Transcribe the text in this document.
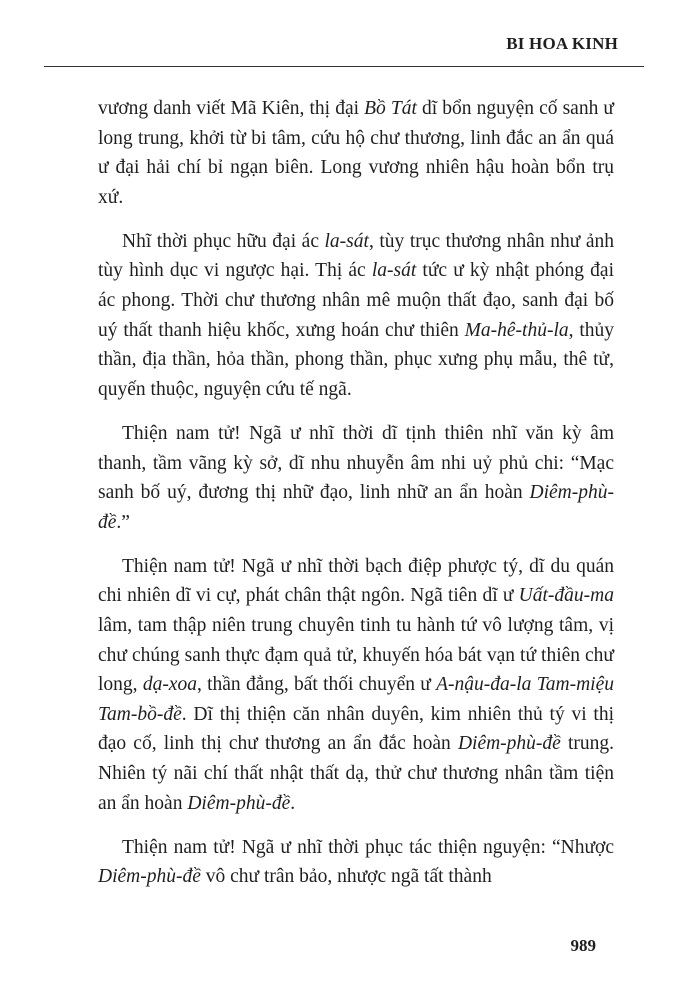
BI HOA KINH

vương danh viết Mã Kiên, thị đại Bồ Tát dĩ bổn nguyện cố sanh ư long trung, khởi từ bi tâm, cứu hộ chư thương, linh đắc an ẩn quá ư đại hải chí bỉ ngạn biên. Long vương nhiên hậu hoàn bổn trụ xứ.

Nhĩ thời phục hữu đại ác la-sát, tùy trục thương nhân như ảnh tùy hình dục vi ngược hại. Thị ác la-sát tức ư kỳ nhật phóng đại ác phong. Thời chư thương nhân mê muộn thất đạo, sanh đại bố uý thất thanh hiệu khốc, xưng hoán chư thiên Ma-hê-thủ-la, thủy thần, địa thần, hỏa thần, phong thần, phục xưng phụ mẫu, thê tử, quyến thuộc, nguyện cứu tế ngã.

Thiện nam tử! Ngã ư nhĩ thời dĩ tịnh thiên nhĩ văn kỳ âm thanh, tầm vãng kỳ sở, dĩ nhu nhuyễn âm nhi uỷ phủ chi: “Mạc sanh bố uý, đương thị nhữ đạo, linh nhữ an ẩn hoàn Diêm-phù-đề.”

Thiện nam tử! Ngã ư nhĩ thời bạch điệp phược tý, dĩ du quán chi nhiên dĩ vi cự, phát chân thật ngôn. Ngã tiên dĩ ư Uất-đầu-ma lâm, tam thập niên trung chuyên tinh tu hành tứ vô lượng tâm, vị chư chúng sanh thực đạm quả tử, khuyến hóa bát vạn tứ thiên chư long, dạ-xoa, thần đẳng, bất thối chuyển ư A-nậu-đa-la Tam-miệu Tam-bồ-đề. Dĩ thị thiện căn nhân duyên, kim nhiên thủ tý vi thị đạo cố, linh thị chư thương an ẩn đắc hoàn Diêm-phù-đề trung. Nhiên tý nãi chí thất nhật thất dạ, thử chư thương nhân tầm tiện an ẩn hoàn Diêm-phù-đề.

Thiện nam tử! Ngã ư nhĩ thời phục tác thiện nguyện: “Nhược Diêm-phù-đề vô chư trân bảo, nhược ngã tất thành

989
